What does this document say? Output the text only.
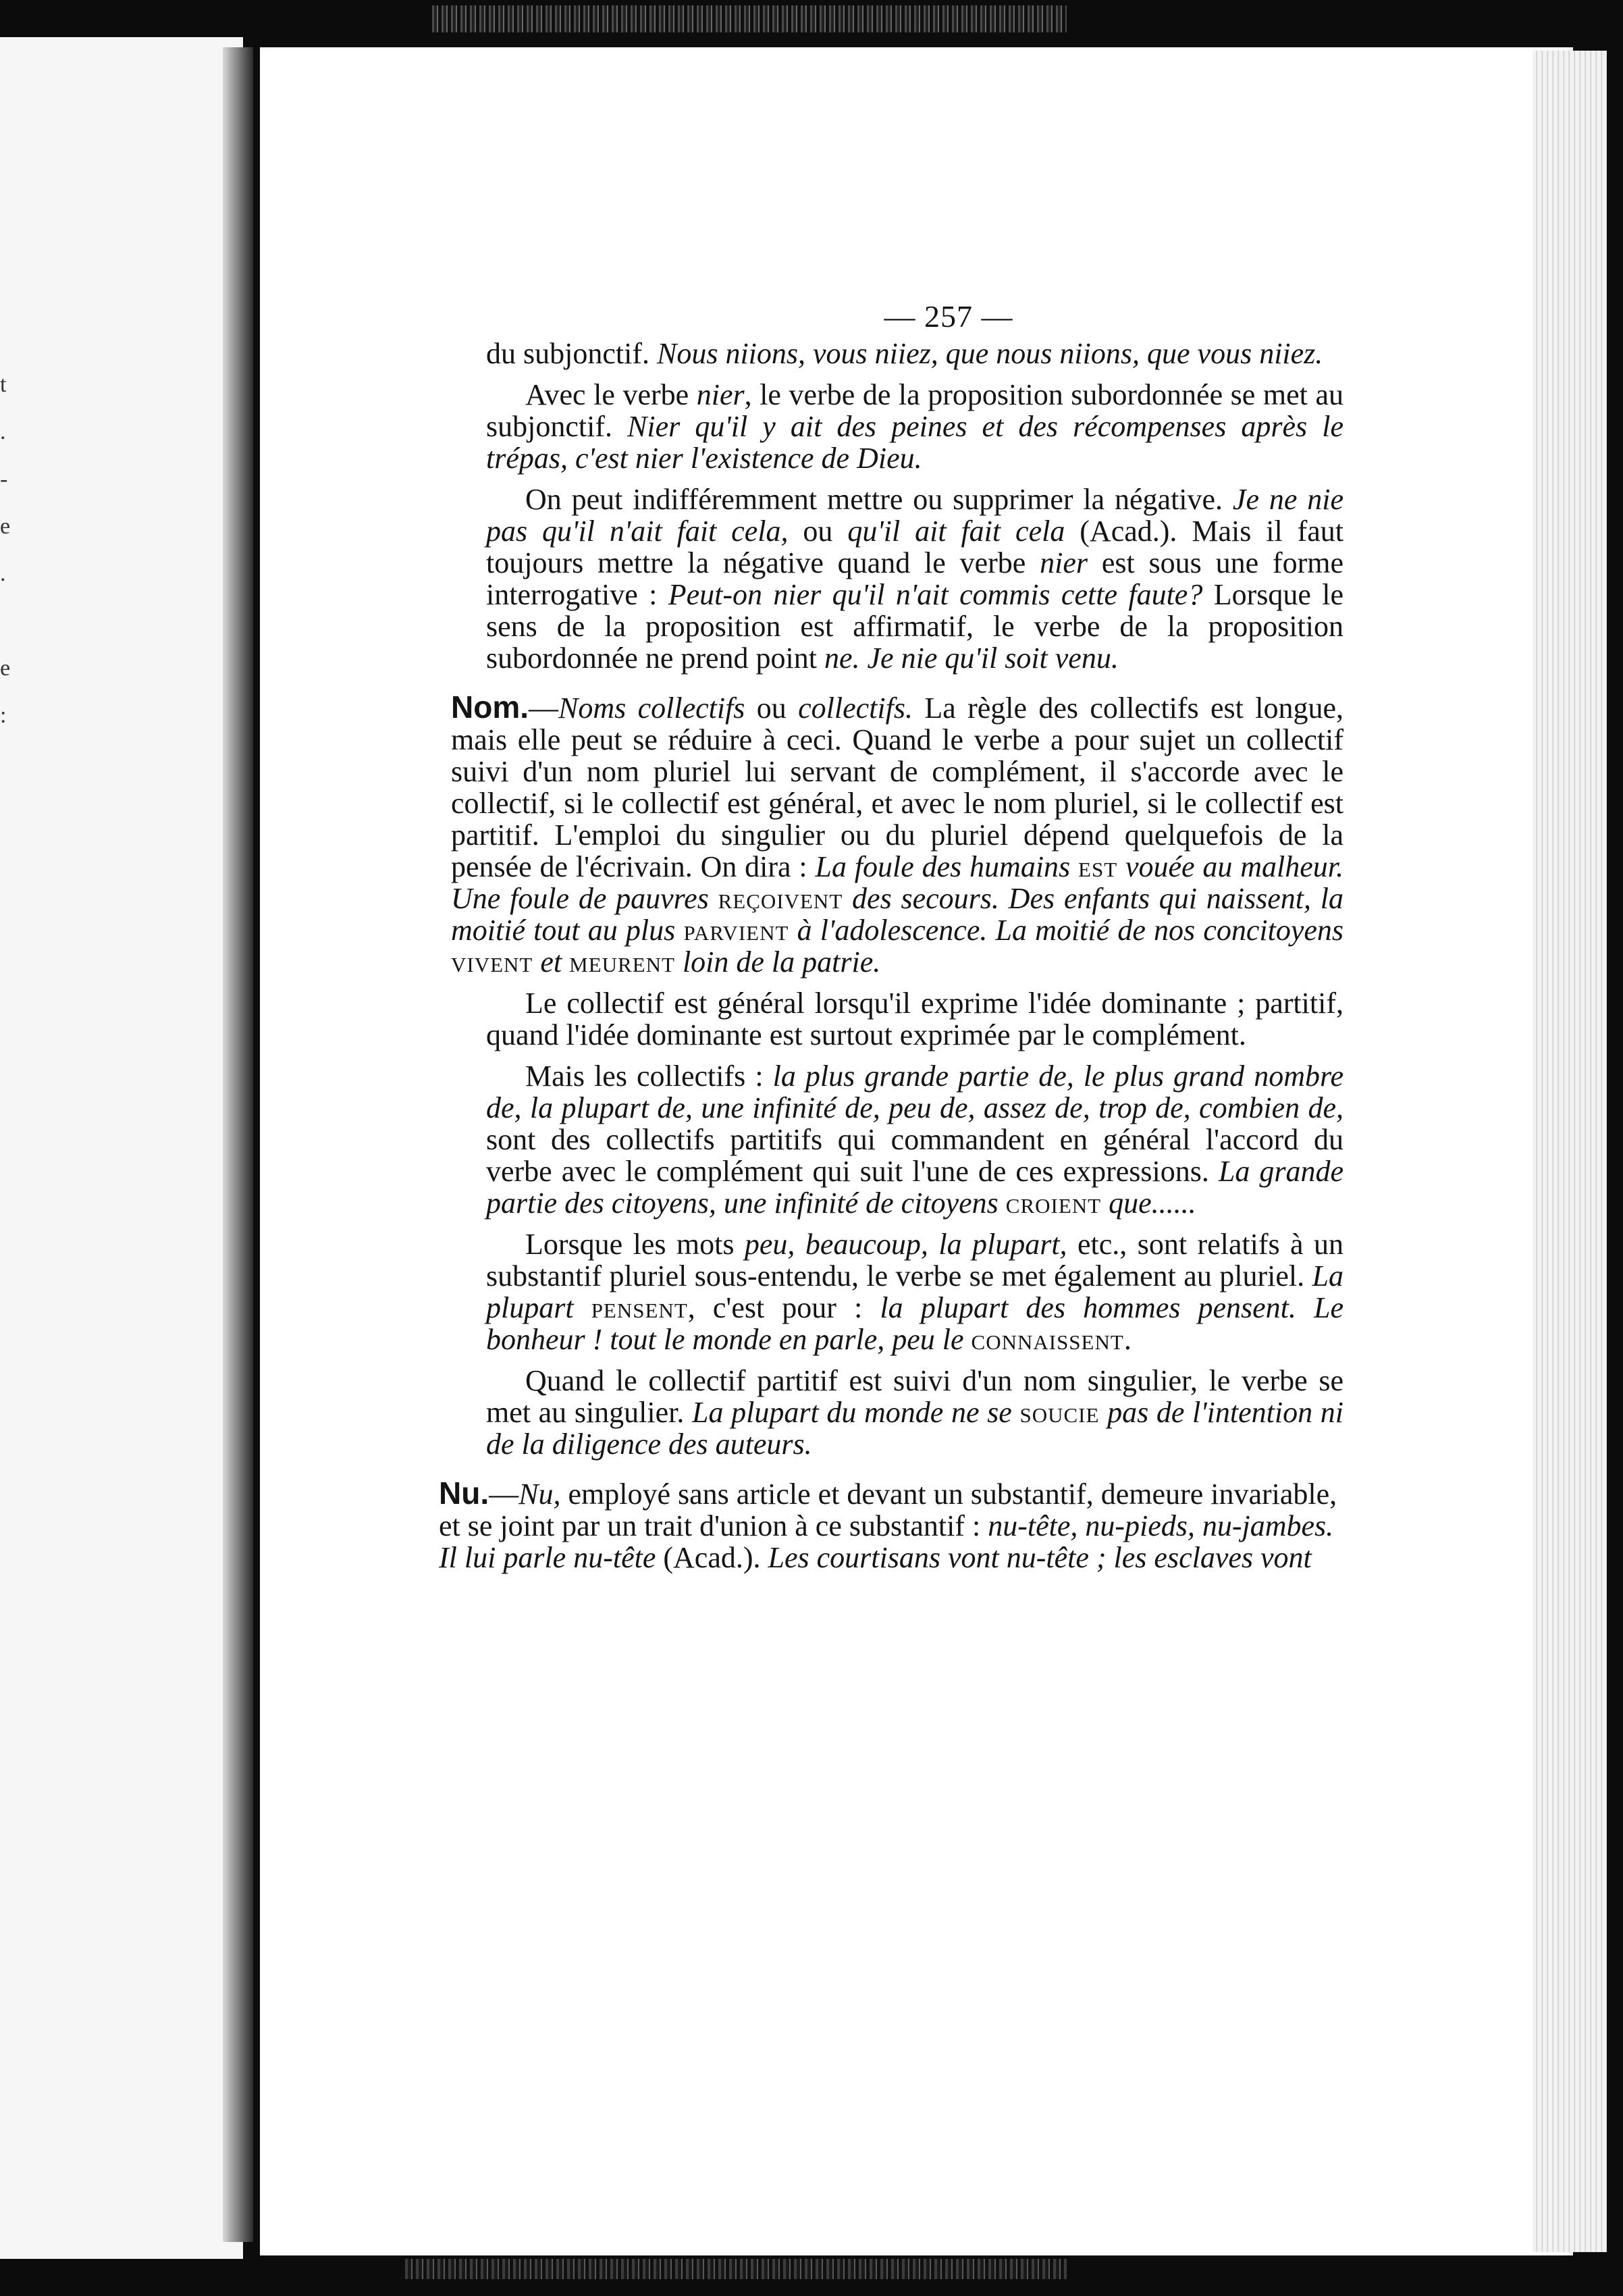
t
.
-
e
.

e
:
— 257 —

du subjonctif. Nous niions, vous niiez, que nous niions, que vous niiez.

Avec le verbe nier, le verbe de la proposition subordonnée se met au subjonctif. Nier qu'il y ait des peines et des récompenses après le trépas, c'est nier l'existence de Dieu.

On peut indifféremment mettre ou supprimer la négative. Je ne nie pas qu'il n'ait fait cela, ou qu'il ait fait cela (Acad.). Mais il faut toujours mettre la négative quand le verbe nier est sous une forme interrogative : Peut-on nier qu'il n'ait commis cette faute? Lorsque le sens de la proposition est affirmatif, le verbe de la proposition subordonnée ne prend point ne. Je nie qu'il soit venu.

Nom.—Noms collectifs ou collectifs. La règle des collectifs est longue, mais elle peut se réduire à ceci. Quand le verbe a pour sujet un collectif suivi d'un nom pluriel lui servant de complément, il s'accorde avec le collectif, si le collectif est général, et avec le nom pluriel, si le collectif est partitif. L'emploi du singulier ou du pluriel dépend quelquefois de la pensée de l'écrivain. On dira : La foule des humains est vouée au malheur. Une foule de pauvres reçoivent des secours. Des enfants qui naissent, la moitié tout au plus parvient à l'adolescence. La moitié de nos concitoyens vivent et meurent loin de la patrie.

Le collectif est général lorsqu'il exprime l'idée dominante ; partitif, quand l'idée dominante est surtout exprimée par le complément.

Mais les collectifs : la plus grande partie de, le plus grand nombre de, la plupart de, une infinité de, peu de, assez de, trop de, combien de, sont des collectifs partitifs qui commandent en général l'accord du verbe avec le complément qui suit l'une de ces expressions. La grande partie des citoyens, une infinité de citoyens croient que......

Lorsque les mots peu, beaucoup, la plupart, etc., sont relatifs à un substantif pluriel sous-entendu, le verbe se met également au pluriel. La plupart pensent, c'est pour : la plupart des hommes pensent. Le bonheur ! tout le monde en parle, peu le connaissent.

Quand le collectif partitif est suivi d'un nom singulier, le verbe se met au singulier. La plupart du monde ne se soucie pas de l'intention ni de la diligence des auteurs.

Nu.—Nu, employé sans article et devant un substantif, demeure invariable, et se joint par un trait d'union à ce substantif : nu-tête, nu-pieds, nu-jambes. Il lui parle nu-tête (Acad.). Les courtisans vont nu-tête ; les esclaves vont
